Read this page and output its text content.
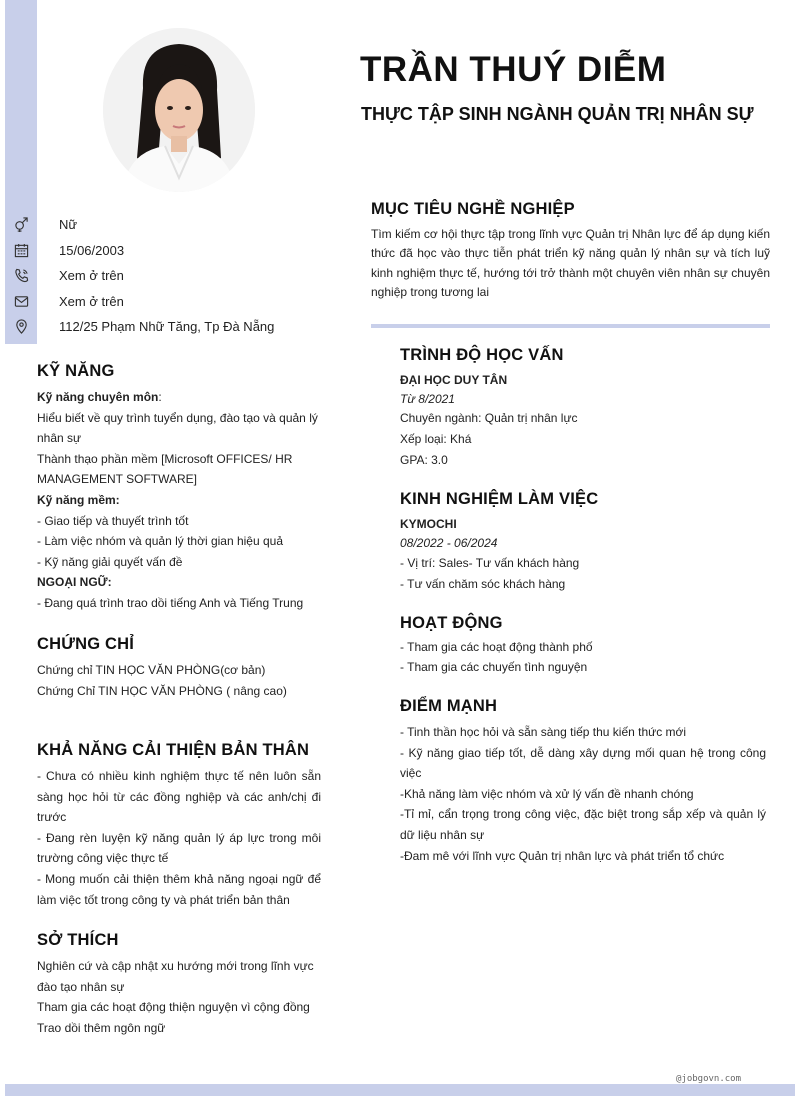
TRẦN THUÝ DIỄM
THỰC TẬP SINH NGÀNH QUẢN TRỊ NHÂN SỰ
Nữ
15/06/2003
Xem ở trên
Xem ở trên
112/25 Phạm Nhữ Tăng, Tp Đà Nẵng
KỸ NĂNG
Kỹ năng chuyên môn:
Hiểu biết về quy trình tuyển dụng, đào tạo và quản lý nhân sự
Thành thạo phần mềm [Microsoft OFFICES/ HR MANAGEMENT SOFTWARE]
Kỹ năng mềm:
- Giao tiếp và thuyết trình tốt
- Làm việc nhóm và quản lý thời gian hiệu quả
- Kỹ năng giải quyết vấn đề
NGOẠI NGỮ:
- Đang quá trình trao dồi tiếng Anh và Tiếng Trung
CHỨNG CHỈ
Chứng chỉ TIN HỌC VĂN PHÒNG(cơ bản)
Chứng Chỉ TIN HỌC VĂN PHÒNG ( nâng cao)
KHẢ NĂNG CẢI THIỆN BẢN THÂN
- Chưa có nhiều kinh nghiệm thực tế nên luôn sẵn sàng học hỏi từ các đồng nghiệp và các anh/chị đi trước
- Đang rèn luyện kỹ năng quản lý áp lực trong môi trường công việc thực tế
- Mong muốn cải thiện thêm khả năng ngoại ngữ để làm việc tốt trong công ty và phát triển bản thân
SỞ THÍCH
Nghiên cứ và cập nhật xu hướng mới trong lĩnh vực đào tạo nhân sự
Tham gia các hoạt động thiện nguyện vì cộng đồng
Trao dồi thêm ngôn ngữ
MỤC TIÊU NGHỀ NGHIỆP
Tìm kiếm cơ hội thực tập trong lĩnh vực Quản trị Nhân lực để áp dụng kiến thức đã học vào thực tiễn phát triển kỹ năng quản lý nhân sự và tích luỹ kinh nghiệm thực tế, hướng tới trở thành một chuyên viên nhân sự chuyên nghiệp trong tương lai
TRÌNH ĐỘ HỌC VẤN
ĐẠI HỌC DUY TÂN
Từ 8/2021
Chuyên ngành: Quản trị nhân lực
Xếp loại: Khá
GPA: 3.0
KINH NGHIỆM LÀM VIỆC
KYMOCHI
08/2022 - 06/2024
- Vị trí: Sales- Tư vấn khách hàng
- Tư vấn chăm sóc khách hàng
HOẠT ĐỘNG
- Tham gia các hoạt động thành phố
- Tham gia các chuyến tình nguyện
ĐIỂM MẠNH
- Tinh thần học hỏi và sẵn sàng tiếp thu kiến thức mới
- Kỹ năng giao tiếp tốt, dễ dàng xây dựng mối quan hệ trong công việc
-Khả năng làm việc nhóm và xử lý vấn đề nhanh chóng
-Tỉ mỉ, cẩn trọng trong công việc, đặc biệt trong sắp xếp và quản lý dữ liệu nhân sự
-Đam mê với lĩnh vực Quản trị nhân lực và phát triển tổ chức
@jobgovn.com
